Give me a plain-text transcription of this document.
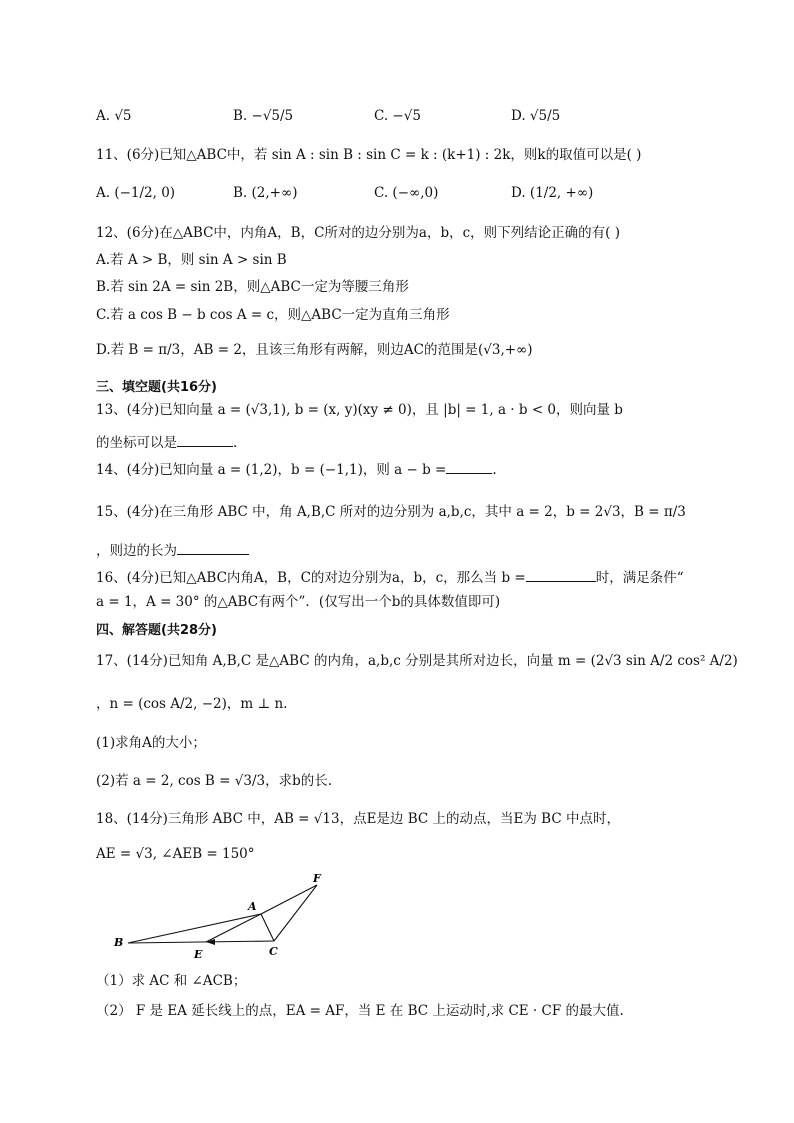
A. √5	B. −√5/5	C. −√5	D. √5/5
11、(6分)已知△ABC中，若 sin A : sin B : sin C = k : (k+1) : 2k，则k的取值可以是( )
A. (−1/2, 0)	B. (2,+∞)	C. (−∞,0)	D. (1/2, +∞)
12、(6分)在△ABC中，内角A，B，C所对的边分别为a，b，c，则下列结论正确的有( )
A.若 A > B，则 sin A > sin B
B.若 sin 2A = sin 2B，则△ABC一定为等腰三角形
C.若 a cos B − b cos A = c，则△ABC一定为直角三角形
D.若 B = π/3，AB = 2，且该三角形有两解，则边AC的范围是(√3,+∞)
三、填空题(共16分)
13、(4分)已知向量 a = (√3,1), b = (x, y)(xy ≠ 0)，且 |b| = 1, a · b < 0，则向量 b
的坐标可以是	.
14、(4分)已知向量 a = (1,2)，b = (−1,1)，则 a − b =	.
15、(4分)在三角形 ABC 中，角 A,B,C 所对的边分别为 a,b,c，其中 a = 2，b = 2√3，B = π/3
，则边的长为
16、(4分)已知△ABC内角A，B，C的对边分别为a，b，c，那么当 b =	时，满足条件“
a = 1，A = 30° 的△ABC有两个”．(仅写出一个b的具体数值即可)
四、解答题(共28分)
17、(14分)已知角 A,B,C 是△ABC 的内角，a,b,c 分别是其所对边长，向量 m = (2√3 sin A/2 cos² A/2)
，n = (cos A/2, −2)，m ⊥ n.
(1)求角A的大小；
(2)若 a = 2, cos B = √3/3，求b的长.
18、(14分)三角形 ABC 中，AB = √13，点E是边 BC 上的动点，当E为 BC 中点时，
AE = √3, ∠AEB = 150°
F
A
B
E	C
（1）求 AC 和 ∠ACB；
（2） F 是 EA 延长线上的点，EA = AF，当 E 在 BC 上运动时,求 CE · CF 的最大值.
